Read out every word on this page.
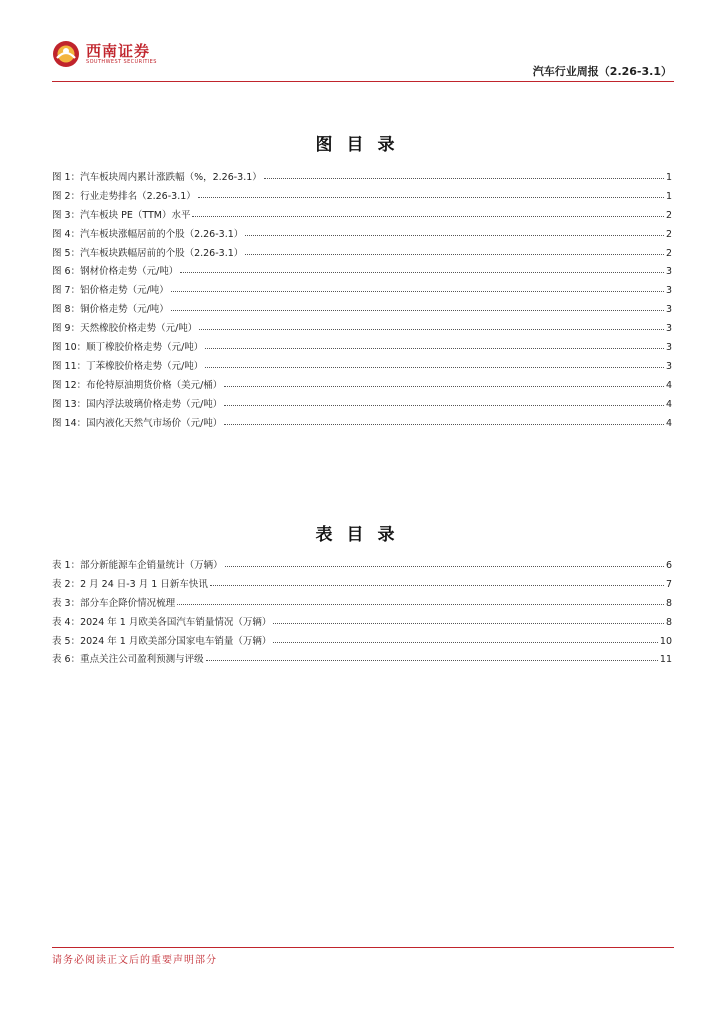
西南证券
SOUTHWEST SECURITIES
汽车行业周报（2.26-3.1）
图目录
图 1：汽车板块周内累计涨跌幅（%，2.26-3.1）	1
图 2：行业走势排名（2.26-3.1）	1
图 3：汽车板块 PE（TTM）水平	2
图 4：汽车板块涨幅居前的个股（2.26-3.1）	2
图 5：汽车板块跌幅居前的个股（2.26-3.1）	2
图 6：钢材价格走势（元/吨）	3
图 7：铝价格走势（元/吨）	3
图 8：铜价格走势（元/吨）	3
图 9：天然橡胶价格走势（元/吨）	3
图 10：顺丁橡胶价格走势（元/吨）	3
图 11：丁苯橡胶价格走势（元/吨）	3
图 12：布伦特原油期货价格（美元/桶）	4
图 13：国内浮法玻璃价格走势（元/吨）	4
图 14：国内液化天然气市场价（元/吨）	4
表目录
表 1：部分新能源车企销量统计（万辆）	6
表 2：2 月 24 日-3 月 1 日新车快讯	7
表 3：部分车企降价情况梳理	8
表 4：2024 年 1 月欧美各国汽车销量情况（万辆）	8
表 5：2024 年 1 月欧美部分国家电车销量（万辆）	10
表 6：重点关注公司盈利预测与评级	11
请务必阅读正文后的重要声明部分
